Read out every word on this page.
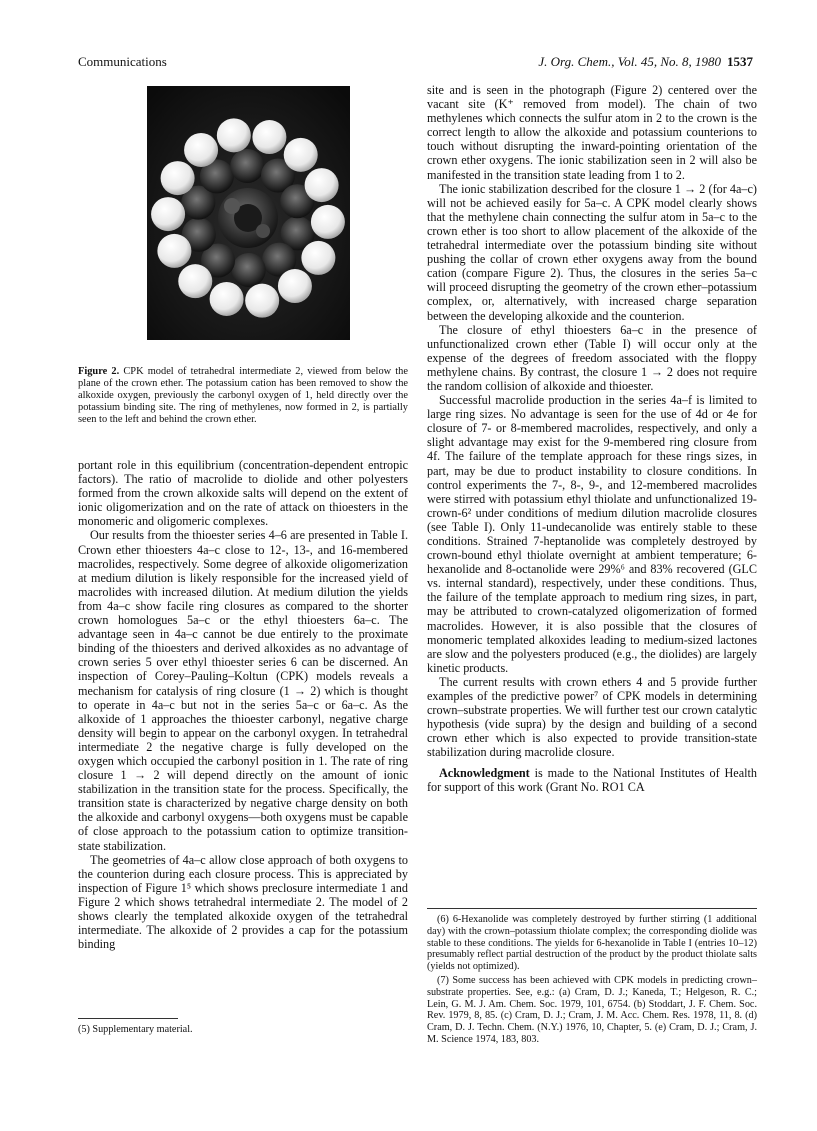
Communications	J. Org. Chem., Vol. 45, No. 8, 1980 1537
Figure 2. CPK model of tetrahedral intermediate 2, viewed from below the plane of the crown ether. The potassium cation has been removed to show the alkoxide oxygen, previously the carbonyl oxygen of 1, held directly over the potassium binding site. The ring of methylenes, now formed in 2, is partially seen to the left and behind the crown ether.

portant role in this equilibrium (concentration-dependent entropic factors). The ratio of macrolide to diolide and other polyesters formed from the crown alkoxide salts will depend on the extent of ionic oligomerization and on the rate of attack on thioesters in the monomeric and oligomeric complexes.

Our results from the thioester series 4–6 are presented in Table I. Crown ether thioesters 4a–c close to 12-, 13-, and 16-membered macrolides, respectively. Some degree of alkoxide oligomerization at medium dilution is likely responsible for the increased yield of macrolides with increased dilution. At medium dilution the yields from 4a–c show facile ring closures as compared to the shorter crown homologues 5a–c or the ethyl thioesters 6a–c. The advantage seen in 4a–c cannot be due entirely to the proximate binding of the thioesters and derived alkoxides as no advantage of crown series 5 over ethyl thioester series 6 can be discerned. An inspection of Corey–Pauling–Koltun (CPK) models reveals a mechanism for catalysis of ring closure (1 → 2) which is thought to operate in 4a–c but not in the series 5a–c or 6a–c. As the alkoxide of 1 approaches the thioester carbonyl, negative charge density will begin to appear on the carbonyl oxygen. In tetrahedral intermediate 2 the negative charge is fully developed on the oxygen which occupied the carbonyl position in 1. The rate of ring closure 1 → 2 will depend directly on the amount of ionic stabilization in the transition state for the process. Specifically, the transition state is characterized by negative charge density on both the alkoxide and carbonyl oxygens—both oxygens must be capable of close approach to the potassium cation to optimize transition-state stabilization.

The geometries of 4a–c allow close approach of both oxygens to the counterion during each closure process. This is appreciated by inspection of Figure 1⁵ which shows preclosure intermediate 1 and Figure 2 which shows tetrahedral intermediate 2. The model of 2 shows clearly the templated alkoxide oxygen of the tetrahedral intermediate. The alkoxide of 2 provides a cap for the potassium binding

(5) Supplementary material.

site and is seen in the photograph (Figure 2) centered over the vacant site (K⁺ removed from model). The chain of two methylenes which connects the sulfur atom in 2 to the crown is the correct length to allow the alkoxide and potassium counterions to touch without disrupting the inward-pointing orientation of the crown ether oxygens. The ionic stabilization seen in 2 will also be manifested in the transition state leading from 1 to 2.

The ionic stabilization described for the closure 1 → 2 (for 4a–c) will not be achieved easily for 5a–c. A CPK model clearly shows that the methylene chain connecting the sulfur atom in 5a–c to the crown ether is too short to allow placement of the alkoxide of the tetrahedral intermediate over the potassium binding site without pushing the collar of crown ether oxygens away from the bound cation (compare Figure 2). Thus, the closures in the series 5a–c will proceed disrupting the geometry of the crown ether–potassium complex, or, alternatively, with increased charge separation between the developing alkoxide and the counterion.

The closure of ethyl thioesters 6a–c in the presence of unfunctionalized crown ether (Table I) will occur only at the expense of the degrees of freedom associated with the floppy methylene chains. By contrast, the closure 1 → 2 does not require the random collision of alkoxide and thioester.

Successful macrolide production in the series 4a–f is limited to large ring sizes. No advantage is seen for the use of 4d or 4e for closure of 7- or 8-membered macrolides, respectively, and only a slight advantage may exist for the 9-membered ring closure from 4f. The failure of the template approach for these rings sizes, in part, may be due to product instability to closure conditions. In control experiments the 7-, 8-, 9-, and 12-membered macrolides were stirred with potassium ethyl thiolate and unfunctionalized 19-crown-6² under conditions of medium dilution macrolide closures (see Table I). Only 11-undecanolide was entirely stable to these conditions. Strained 7-heptanolide was completely destroyed by crown-bound ethyl thiolate overnight at ambient temperature; 6-hexanolide and 8-octanolide were 29%⁶ and 83% recovered (GLC vs. internal standard), respectively, under these conditions. Thus, the failure of the template approach to medium ring sizes, in part, may be attributed to crown-catalyzed oligomerization of formed macrolides. However, it is also possible that the closures of monomeric templated alkoxides leading to medium-sized lactones are slow and the polyesters produced (e.g., the diolides) are largely kinetic products.

The current results with crown ethers 4 and 5 provide further examples of the predictive power⁷ of CPK models in determining crown–substrate properties. We will further test our crown catalytic hypothesis (vide supra) by the design and building of a second crown ether which is also expected to provide transition-state stabilization during macrolide closure.

Acknowledgment is made to the National Institutes of Health for support of this work (Grant No. RO1 CA

(6) 6-Hexanolide was completely destroyed by further stirring (1 additional day) with the crown–potassium thiolate complex; the corresponding diolide was stable to these conditions. The yields for 6-hexanolide in Table I (entries 10–12) presumably reflect partial destruction of the product by the product thiolate salts (yields not optimized).

(7) Some success has been achieved with CPK models in predicting crown–substrate properties. See, e.g.: (a) Cram, D. J.; Kaneda, T.; Helgeson, R. C.; Lein, G. M. J. Am. Chem. Soc. 1979, 101, 6754. (b) Stoddart, J. F. Chem. Soc. Rev. 1979, 8, 85. (c) Cram, D. J.; Cram, J. M. Acc. Chem. Res. 1978, 11, 8. (d) Cram, D. J. Techn. Chem. (N.Y.) 1976, 10, Chapter, 5. (e) Cram, D. J.; Cram, J. M. Science 1974, 183, 803.
